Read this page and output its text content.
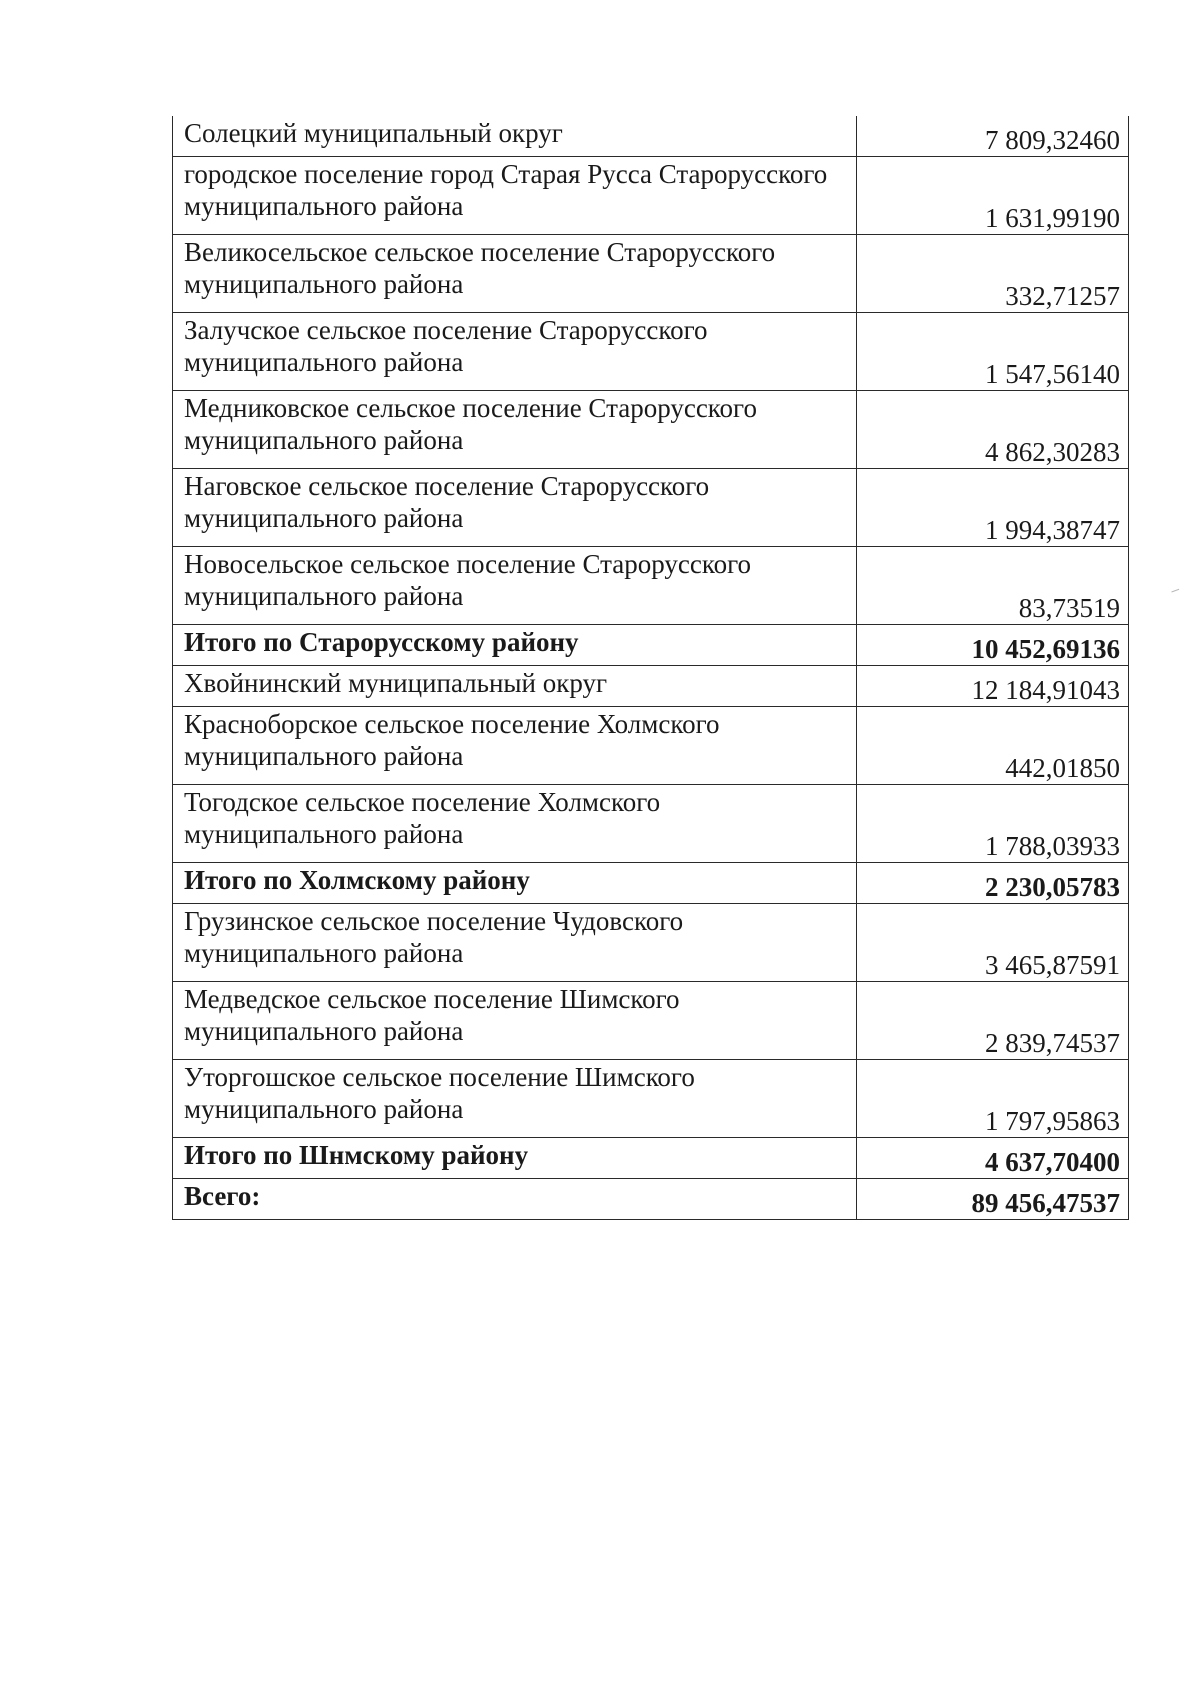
Солецкий муниципальный округ	7 809,32460
городское поселение город Старая Русса Старорусского муниципального района	1 631,99190
Великосельское сельское поселение Старорусского муниципального района	332,71257
Залучское сельское поселение Старорусского муниципального района	1 547,56140
Медниковское сельское поселение Старорусского муниципального района	4 862,30283
Наговское сельское поселение Старорусского муниципального района	1 994,38747
Новосельское сельское поселение Старорусского муниципального района	83,73519
Итого по Старорусскому району	10 452,69136
Хвойнинский муниципальный округ	12 184,91043
Красноборское сельское поселение Холмского муниципального района	442,01850
Тогодское сельское поселение Холмского муниципального района	1 788,03933
Итого по Холмскому району	2 230,05783
Грузинское сельское поселение Чудовского муниципального района	3 465,87591
Медведское сельское поселение Шимского муниципального района	2 839,74537
Уторгошское сельское поселение Шимского муниципального района	1 797,95863
Итого по Шнмскому району	4 637,70400
Всего:	89 456,47537
